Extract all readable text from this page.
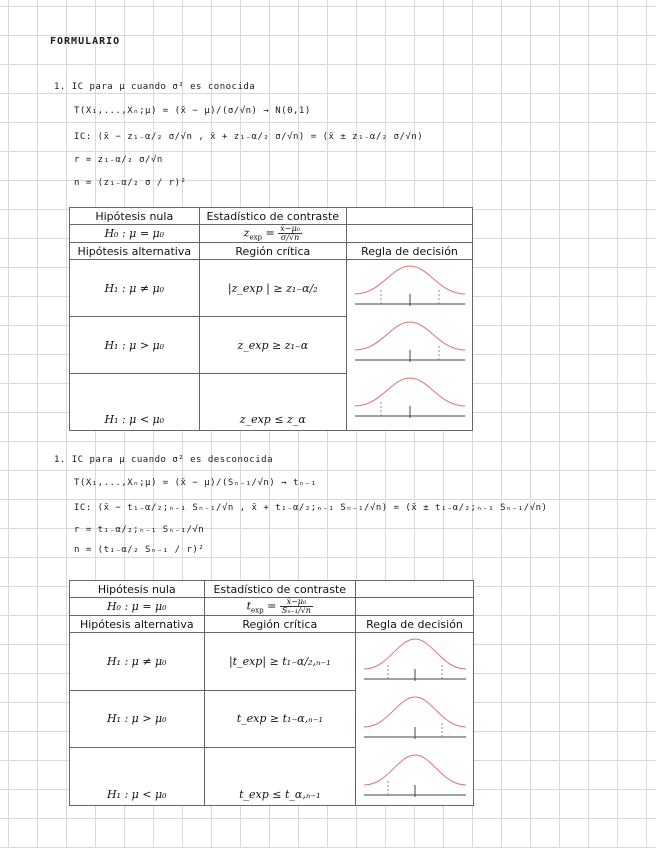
FORMULARIO
1. IC para μ cuando σ² es conocida
T(X₁,...,Xₙ;μ) = (x̄ − μ)/(σ/√n) → N(0,1)
IC: (x̄ − z₁₋α/₂ σ/√n , x̄ + z₁₋α/₂ σ/√n) = (x̄ ± z₁₋α/₂ σ/√n)
r = z₁₋α/₂ σ/√n
n = (z₁₋α/₂ σ / r)²
Hipótesis nula	Estadístico de contraste	
H₀ : μ = μ₀	$z_{exp} = \frac{\text{x̄−μ₀}}{\sigma/√n}$

Hipótesis alternativa	Región crítica	Regla de decisión
H₁ : μ ≠ μ₀	|z_exp | ≥ z₁₋α/₂	

H₁ : μ > μ₀	z_exp ≥ z₁₋α	
H₁ : μ < μ₀	z_exp ≤ z_α	
1. IC para μ cuando σ² es desconocida
T(X₁,...,Xₙ;μ) = (x̄ − μ)/(Sₙ₋₁/√n) → tₙ₋₁
IC: (x̄ − t₁₋α/₂;ₙ₋₁ Sₙ₋₁/√n , x̄ + t₁₋α/₂;ₙ₋₁ Sₙ₋₁/√n) = (x̄ ± t₁₋α/₂;ₙ₋₁ Sₙ₋₁/√n)
r = t₁₋α/₂;ₙ₋₁ Sₙ₋₁/√n
n = (t₁₋α/₂ Sₙ₋₁ / r)²
Hipótesis nula	Estadístico de contraste	
H₀ : μ = μ₀	$t_{exp} = \frac{\text{x̄−μ₀}}{\text{Sₙ₋₁/√n}}$

Hipótesis alternativa	Región crítica	Regla de decisión
H₁ : μ ≠ μ₀	|t_exp| ≥ t₁₋α/₂,ₙ₋₁	

H₁ : μ > μ₀	t_exp ≥ t₁₋α,ₙ₋₁	
H₁ : μ < μ₀	t_exp ≤ t_α,ₙ₋₁	
